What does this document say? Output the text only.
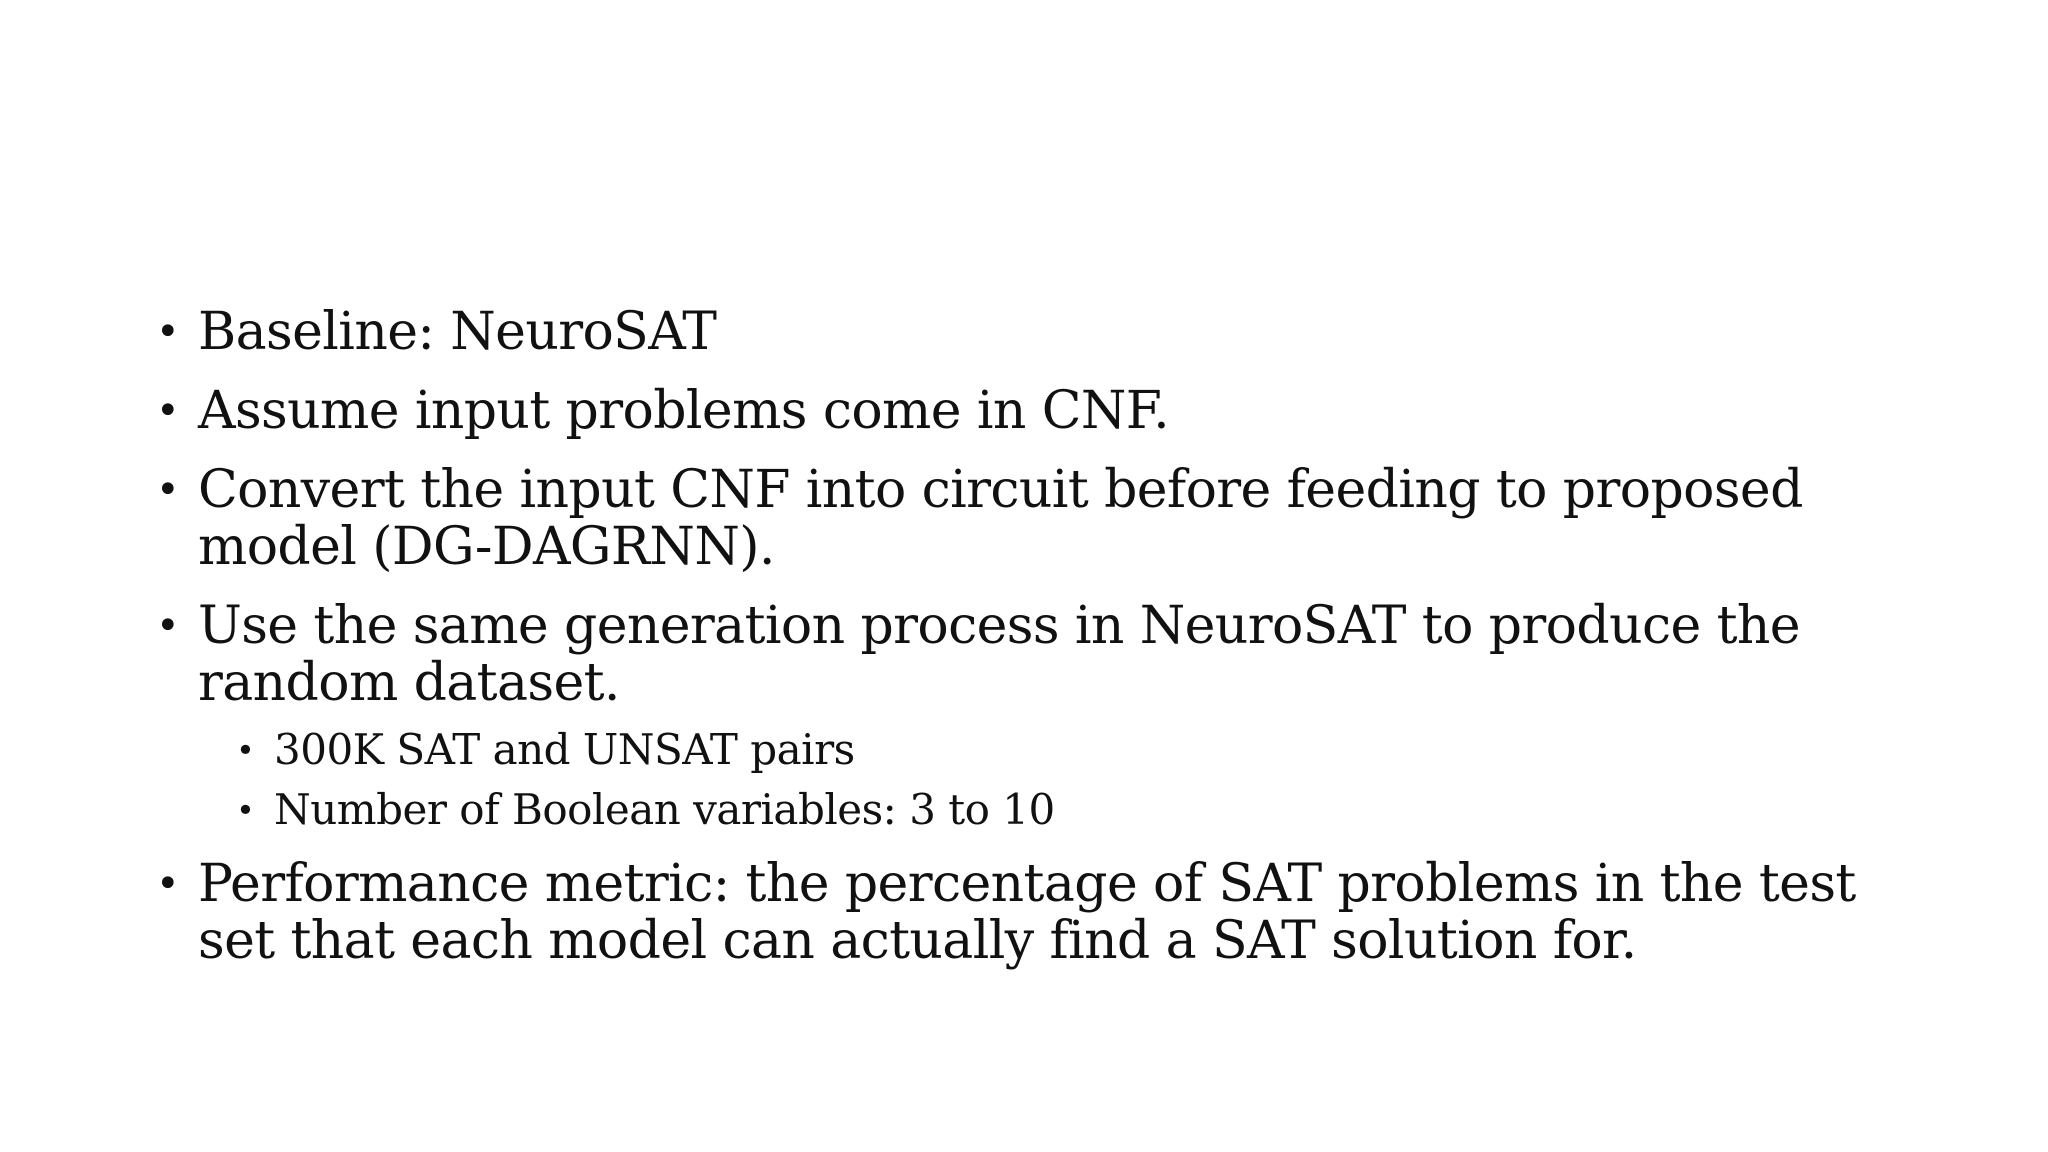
• Baseline: NeuroSAT
• Assume input problems come in CNF.
• Convert the input CNF into circuit before feeding to proposed model (DG-DAGRNN).
• Use the same generation process in NeuroSAT to produce the random dataset.
• 300K SAT and UNSAT pairs
• Number of Boolean variables: 3 to 10
• Performance metric: the percentage of SAT problems in the test set that each model can actually find a SAT solution for.
